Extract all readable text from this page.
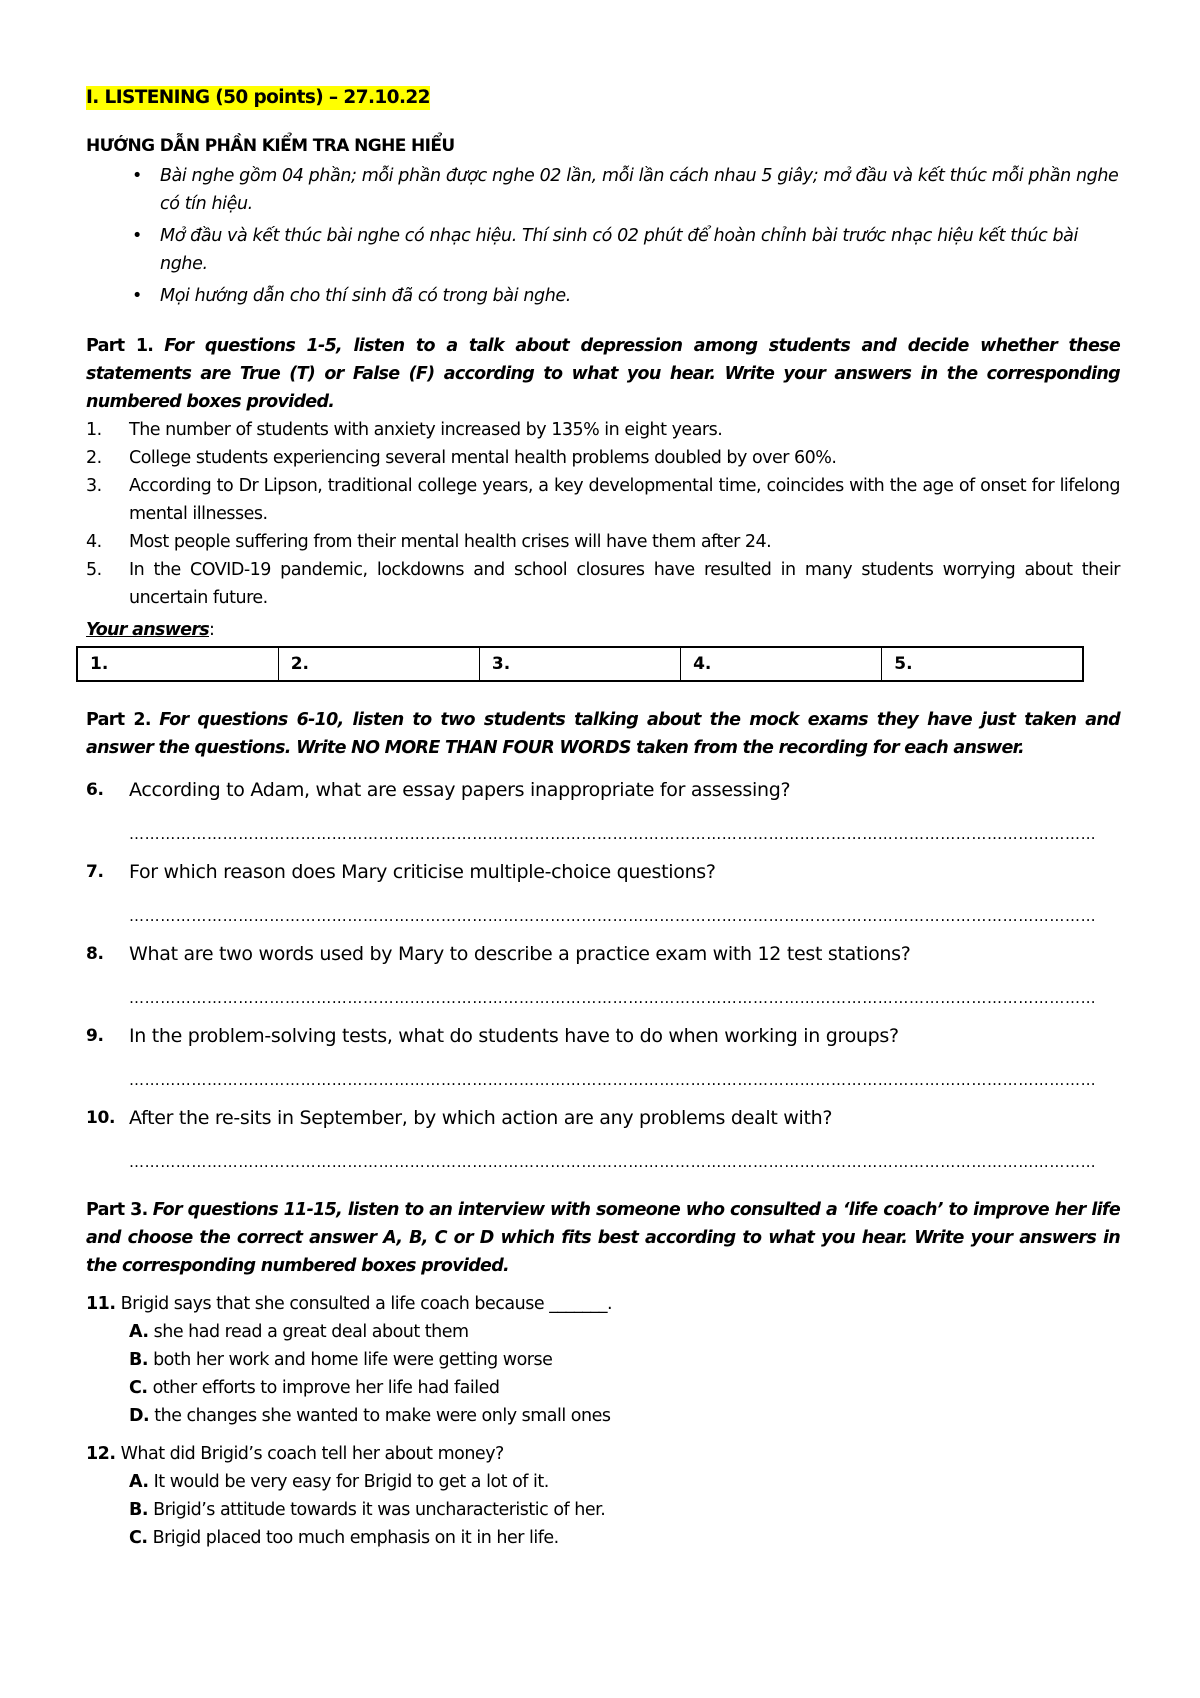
I. LISTENING (50 points) – 27.10.22
HƯỚNG DẪN PHẦN KIỂM TRA NGHE HIỂU
• Bài nghe gồm 04 phần; mỗi phần được nghe 02 lần, mỗi lần cách nhau 5 giây; mở đầu và kết thúc mỗi phần nghe có tín hiệu.
• Mở đầu và kết thúc bài nghe có nhạc hiệu. Thí sinh có 02 phút để hoàn chỉnh bài trước nhạc hiệu kết thúc bài nghe.
• Mọi hướng dẫn cho thí sinh đã có trong bài nghe.
Part 1. For questions 1-5, listen to a talk about depression among students and decide whether these statements are True (T) or False (F) according to what you hear. Write your answers in the corresponding numbered boxes provided.
1. The number of students with anxiety increased by 135% in eight years.
2. College students experiencing several mental health problems doubled by over 60%.
3. According to Dr Lipson, traditional college years, a key developmental time, coincides with the age of onset for lifelong mental illnesses.
4. Most people suffering from their mental health crises will have them after 24.
5. In the COVID-19 pandemic, lockdowns and school closures have resulted in many students worrying about their uncertain future.
Your answers:
1.	2.	3.	4.	5.
Part 2. For questions 6-10, listen to two students talking about the mock exams they have just taken and answer the questions. Write NO MORE THAN FOUR WORDS taken from the recording for each answer.
6. According to Adam, what are essay papers inappropriate for assessing?
……………………………………………………………………………………………………………………………………………………………………
7. For which reason does Mary criticise multiple-choice questions?
……………………………………………………………………………………………………………………………………………………………………
8. What are two words used by Mary to describe a practice exam with 12 test stations?
……………………………………………………………………………………………………………………………………………………………………
9. In the problem-solving tests, what do students have to do when working in groups?
……………………………………………………………………………………………………………………………………………………………………
10. After the re-sits in September, by which action are any problems dealt with?
……………………………………………………………………………………………………………………………………………………………………
Part 3. For questions 11-15, listen to an interview with someone who consulted a ‘life coach’ to improve her life and choose the correct answer A, B, C or D which fits best according to what you hear. Write your answers in the corresponding numbered boxes provided.
11. Brigid says that she consulted a life coach because _______.
A. she had read a great deal about them
B. both her work and home life were getting worse
C. other efforts to improve her life had failed
D. the changes she wanted to make were only small ones
12. What did Brigid’s coach tell her about money?
A. It would be very easy for Brigid to get a lot of it.
B. Brigid’s attitude towards it was uncharacteristic of her.
C. Brigid placed too much emphasis on it in her life.
